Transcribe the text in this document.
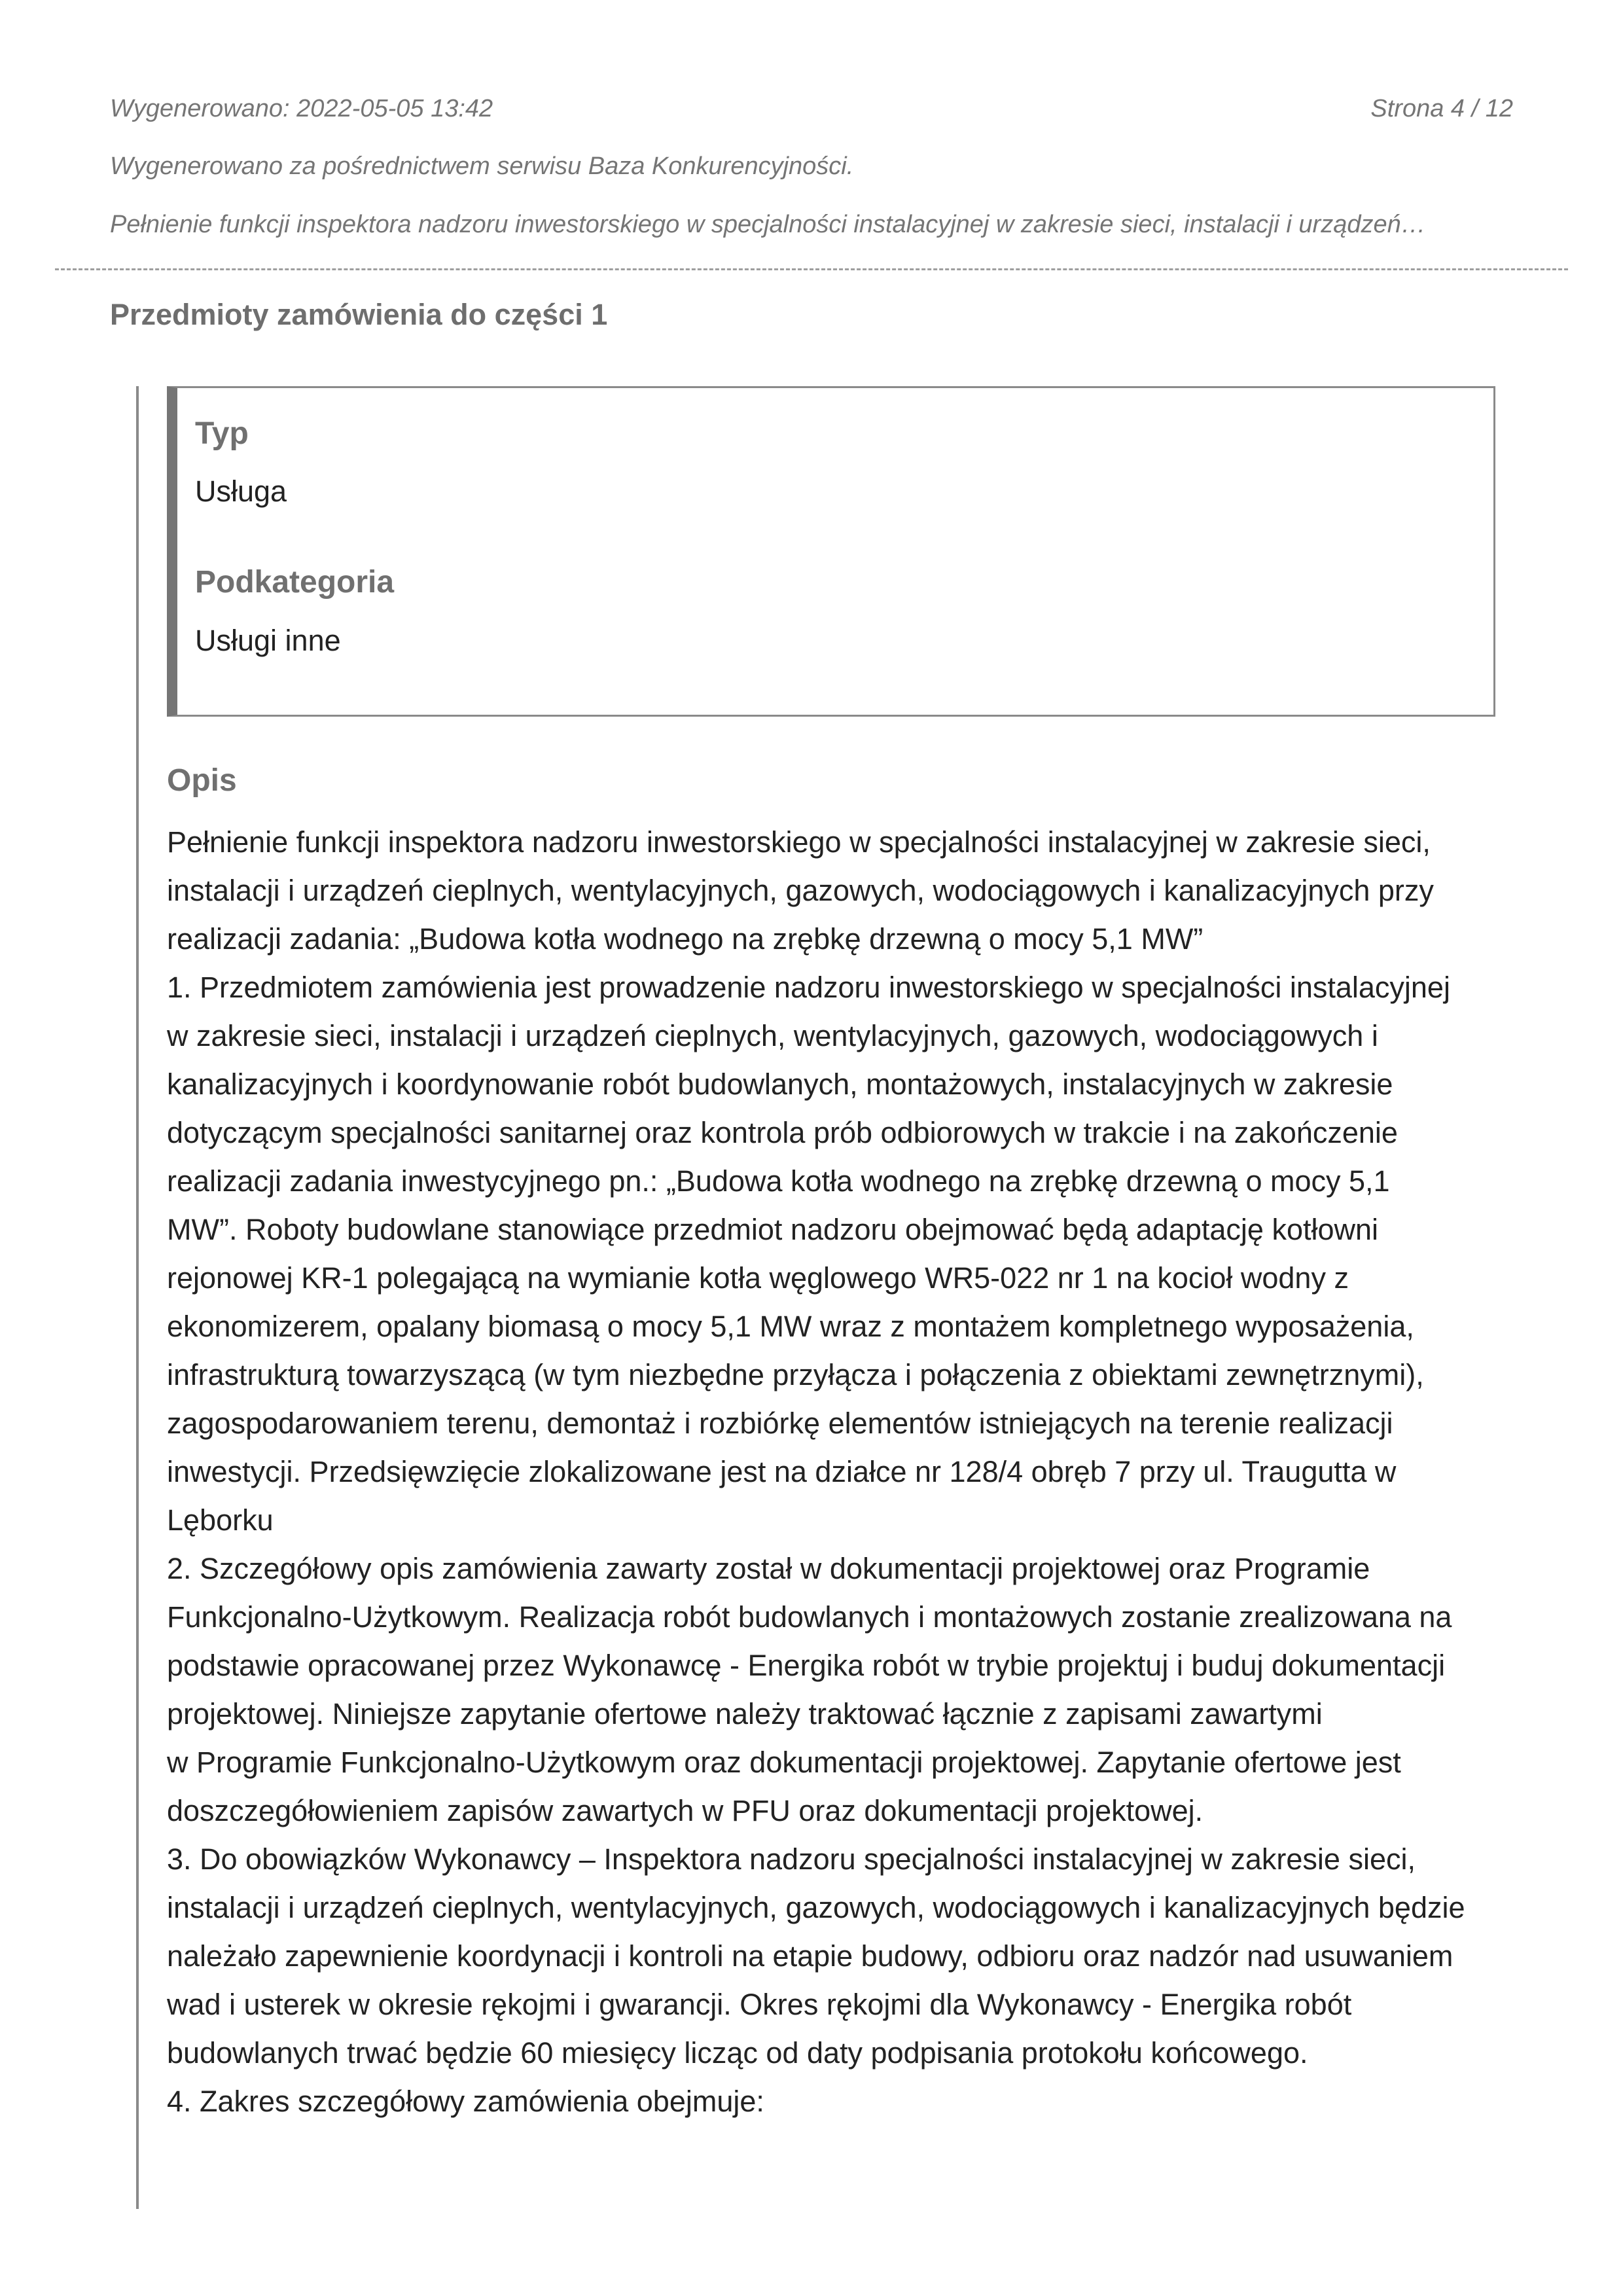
Wygenerowano: 2022-05-05 13:42	Strona 4 / 12
Wygenerowano za pośrednictwem serwisu Baza Konkurencyjności.
Pełnienie funkcji inspektora nadzoru inwestorskiego w specjalności instalacyjnej w zakresie sieci, instalacji i urządzeń…
Przedmioty zamówienia do części 1
Typ
Usługa
Podkategoria
Usługi inne
Opis
Pełnienie funkcji inspektora nadzoru inwestorskiego w specjalności instalacyjnej w zakresie sieci,
instalacji i urządzeń cieplnych, wentylacyjnych, gazowych, wodociągowych i kanalizacyjnych przy
realizacji zadania: „Budowa kotła wodnego na zrębkę drzewną o mocy 5,1 MW”
1. Przedmiotem zamówienia jest prowadzenie nadzoru inwestorskiego w specjalności instalacyjnej
w zakresie sieci, instalacji i urządzeń cieplnych, wentylacyjnych, gazowych, wodociągowych i
kanalizacyjnych i koordynowanie robót budowlanych, montażowych, instalacyjnych w zakresie
dotyczącym specjalności sanitarnej oraz kontrola prób odbiorowych w trakcie i na zakończenie
realizacji zadania inwestycyjnego pn.: „Budowa kotła wodnego na zrębkę drzewną o mocy 5,1
MW”. Roboty budowlane stanowiące przedmiot nadzoru obejmować będą adaptację kotłowni
rejonowej KR-1 polegającą na wymianie kotła węglowego WR5-022 nr 1 na kocioł wodny z
ekonomizerem, opalany biomasą o mocy 5,1 MW wraz z montażem kompletnego wyposażenia,
infrastrukturą towarzyszącą (w tym niezbędne przyłącza i połączenia z obiektami zewnętrznymi),
zagospodarowaniem terenu, demontaż i rozbiórkę elementów istniejących na terenie realizacji
inwestycji. Przedsięwzięcie zlokalizowane jest na działce nr 128/4 obręb 7 przy ul. Traugutta w
Lęborku
2. Szczegółowy opis zamówienia zawarty został w dokumentacji projektowej oraz Programie
Funkcjonalno-Użytkowym. Realizacja robót budowlanych i montażowych zostanie zrealizowana na
podstawie opracowanej przez Wykonawcę - Energika robót w trybie projektuj i buduj dokumentacji
projektowej. Niniejsze zapytanie ofertowe należy traktować łącznie z zapisami zawartymi
w Programie Funkcjonalno-Użytkowym oraz dokumentacji projektowej. Zapytanie ofertowe jest
doszczegółowieniem zapisów zawartych w PFU oraz dokumentacji projektowej.
3. Do obowiązków Wykonawcy – Inspektora nadzoru specjalności instalacyjnej w zakresie sieci,
instalacji i urządzeń cieplnych, wentylacyjnych, gazowych, wodociągowych i kanalizacyjnych będzie
należało zapewnienie koordynacji i kontroli na etapie budowy, odbioru oraz nadzór nad usuwaniem
wad i usterek w okresie rękojmi i gwarancji. Okres rękojmi dla Wykonawcy - Energika robót
budowlanych trwać będzie 60 miesięcy licząc od daty podpisania protokołu końcowego.
4. Zakres szczegółowy zamówienia obejmuje:
